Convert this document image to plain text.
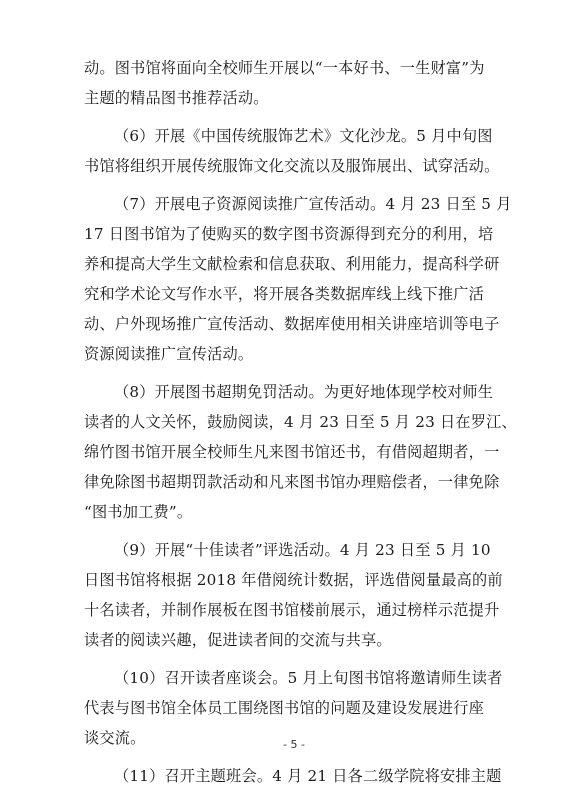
动。图书馆将面向全校师生开展以“一本好书、一生财富”为
主题的精品图书推荐活动。
（6）开展《中国传统服饰艺术》文化沙龙。5 月中旬图
书馆将组织开展传统服饰文化交流以及服饰展出、试穿活动。
（7）开展电子资源阅读推广宣传活动。4 月 23 日至 5 月
17 日图书馆为了使购买的数字图书资源得到充分的利用，培
养和提高大学生文献检索和信息获取、利用能力，提高科学研
究和学术论文写作水平，将开展各类数据库线上线下推广活
动、户外现场推广宣传活动、数据库使用相关讲座培训等电子
资源阅读推广宣传活动。
（8）开展图书超期免罚活动。为更好地体现学校对师生
读者的人文关怀，鼓励阅读，4 月 23 日至 5 月 23 日在罗江、
绵竹图书馆开展全校师生凡来图书馆还书，有借阅超期者，一
律免除图书超期罚款活动和凡来图书馆办理赔偿者，一律免除
“图书加工费”。
（9）开展“十佳读者”评选活动。4 月 23 日至 5 月 10
日图书馆将根据 2018 年借阅统计数据，评选借阅量最高的前
十名读者，并制作展板在图书馆楼前展示，通过榜样示范提升
读者的阅读兴趣，促进读者间的交流与共享。
（10）召开读者座谈会。5 月上旬图书馆将邀请师生读者
代表与图书馆全体员工围绕图书馆的问题及建设发展进行座
谈交流。
（11）召开主题班会。4 月 21 日各二级学院将安排主题
- 5 -
